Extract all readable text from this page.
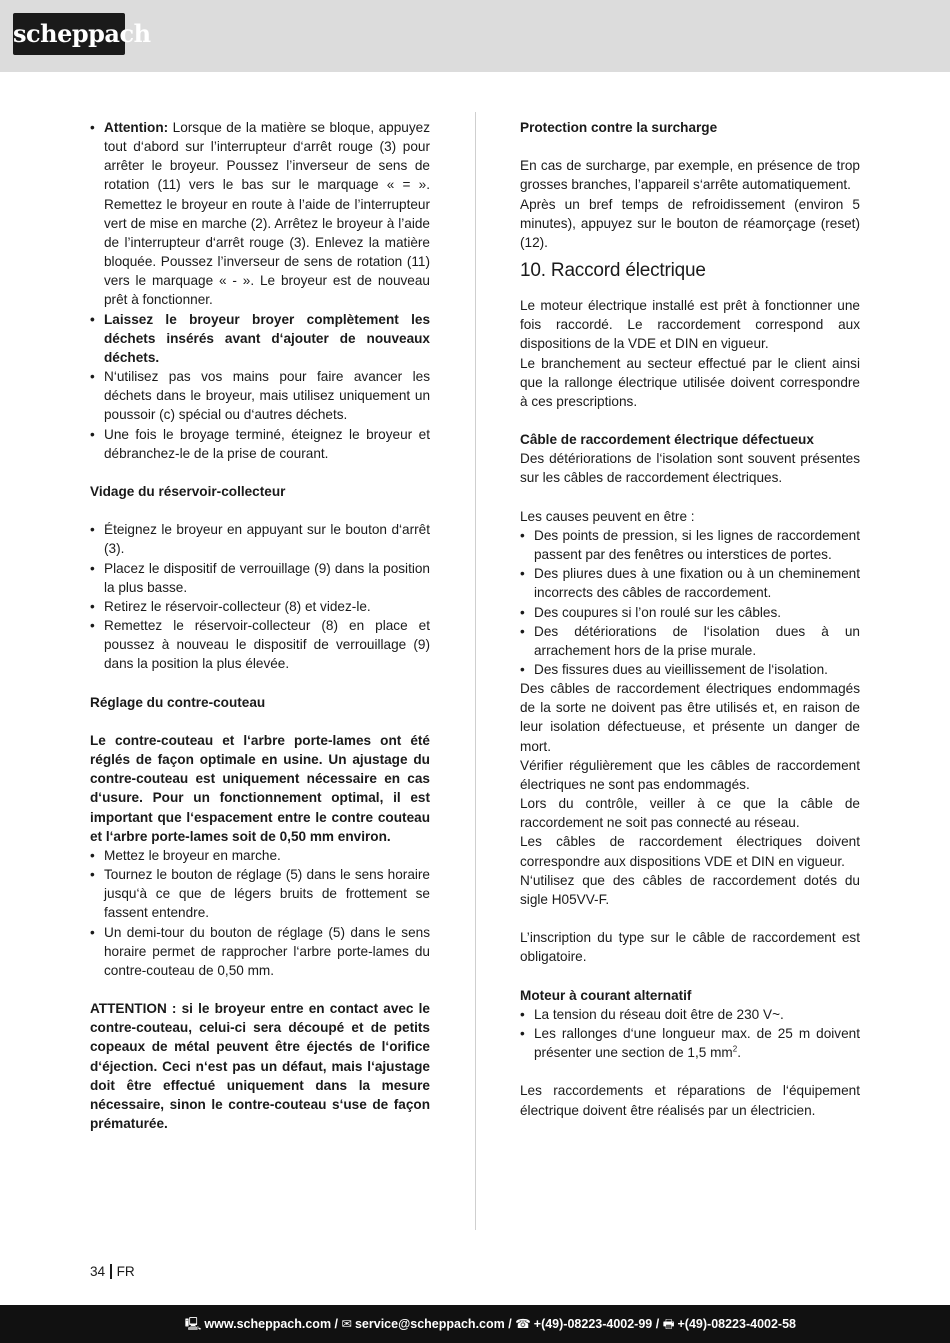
scheppach
• Attention: Lorsque de la matière se bloque, appuyez tout d‘abord sur l’interrupteur d‘arrêt rouge (3) pour arrêter le broyeur. Poussez l’inverseur de sens de rotation (11) vers le bas sur le marquage « = ». Remettez le broyeur en route à l’aide de l’interrupteur vert de mise en marche (2). Arrêtez le broyeur à l’aide de l’interrupteur d‘arrêt rouge (3). Enlevez la matière bloquée. Poussez l’inverseur de sens de rotation (11) vers le marquage « - ». Le broyeur est de nouveau prêt à fonctionner.
• Laissez le broyeur broyer complètement les déchets insérés avant d‘ajouter de nouveaux déchets.
• N‘utilisez pas vos mains pour faire avancer les déchets dans le broyeur, mais utilisez uniquement un poussoir (c) spécial ou d‘autres déchets.
• Une fois le broyage terminé, éteignez le broyeur et débranchez-le de la prise de courant.

Vidage du réservoir-collecteur

• Éteignez le broyeur en appuyant sur le bouton d‘arrêt (3).
• Placez le dispositif de verrouillage (9) dans la position la plus basse.
• Retirez le réservoir-collecteur (8) et videz-le.
• Remettez le réservoir-collecteur (8) en place et poussez à nouveau le dispositif de verrouillage (9) dans la position la plus élevée.

Réglage du contre-couteau

Le contre-couteau et l‘arbre porte-lames ont été réglés de façon optimale en usine. Un ajustage du contre-couteau est uniquement nécessaire en cas d‘usure. Pour un fonctionnement optimal, il est important que l‘espacement entre le contre couteau et l‘arbre porte-lames soit de 0,50 mm environ.

• Mettez le broyeur en marche.
• Tournez le bouton de réglage (5) dans le sens horaire jusqu‘à ce que de légers bruits de frottement se fassent entendre.
• Un demi-tour du bouton de réglage (5) dans le sens horaire permet de rapprocher l‘arbre porte-lames du contre-couteau de 0,50 mm.

ATTENTION : si le broyeur entre en contact avec le contre-couteau, celui-ci sera découpé et de petits copeaux de métal peuvent être éjectés de l‘orifice d‘éjection. Ceci n‘est pas un défaut, mais l‘ajustage doit être effectué uniquement dans la mesure nécessaire, sinon le contre-couteau s‘use de façon prématurée.

Protection contre la surcharge

En cas de surcharge, par exemple, en présence de trop grosses branches, l’appareil s‘arrête automatiquement.

Après un bref temps de refroidissement (environ 5 minutes), appuyez sur le bouton de réamorçage (reset) (12).

10. Raccord électrique

Le moteur électrique installé est prêt à fonctionner une fois raccordé. Le raccordement correspond aux dispositions de la VDE et DIN en vigueur.

Le branchement au secteur effectué par le client ainsi que la rallonge électrique utilisée doivent correspondre à ces prescriptions.

Câble de raccordement électrique défectueux

Des détériorations de l‘isolation sont souvent présentes sur les câbles de raccordement électriques.

Les causes peuvent en être :

• Des points de pression, si les lignes de raccordement passent par des fenêtres ou interstices de portes.
• Des pliures dues à une fixation ou à un cheminement incorrects des câbles de raccordement.
• Des coupures si l’on roulé sur les câbles.
• Des détériorations de l‘isolation dues à un arrachement hors de la prise murale.
• Des fissures dues au vieillissement de l‘isolation.

Des câbles de raccordement électriques endommagés de la sorte ne doivent pas être utilisés et, en raison de leur isolation défectueuse, et présente un danger de mort.

Vérifier régulièrement que les câbles de raccordement électriques ne sont pas endommagés.

Lors du contrôle, veiller à ce que la câble de raccordement ne soit pas connecté au réseau.

Les câbles de raccordement électriques doivent correspondre aux dispositions VDE et DIN en vigueur.

N‘utilisez que des câbles de raccordement dotés du sigle H05VV-F.

L’inscription du type sur le câble de raccordement est obligatoire.

Moteur à courant alternatif

• La tension du réseau doit être de 230 V~.
• Les rallonges d‘une longueur max. de 25 m doivent présenter une section de 1,5 $mm^2$.

Les raccordements et réparations de l‘équipement électrique doivent être réalisés par un électricien.

34 FR
🖳 www.scheppach.com / ✉ service@scheppach.com / ☎ +(49)-08223-4002-99 / 🖶 +(49)-08223-4002-58
